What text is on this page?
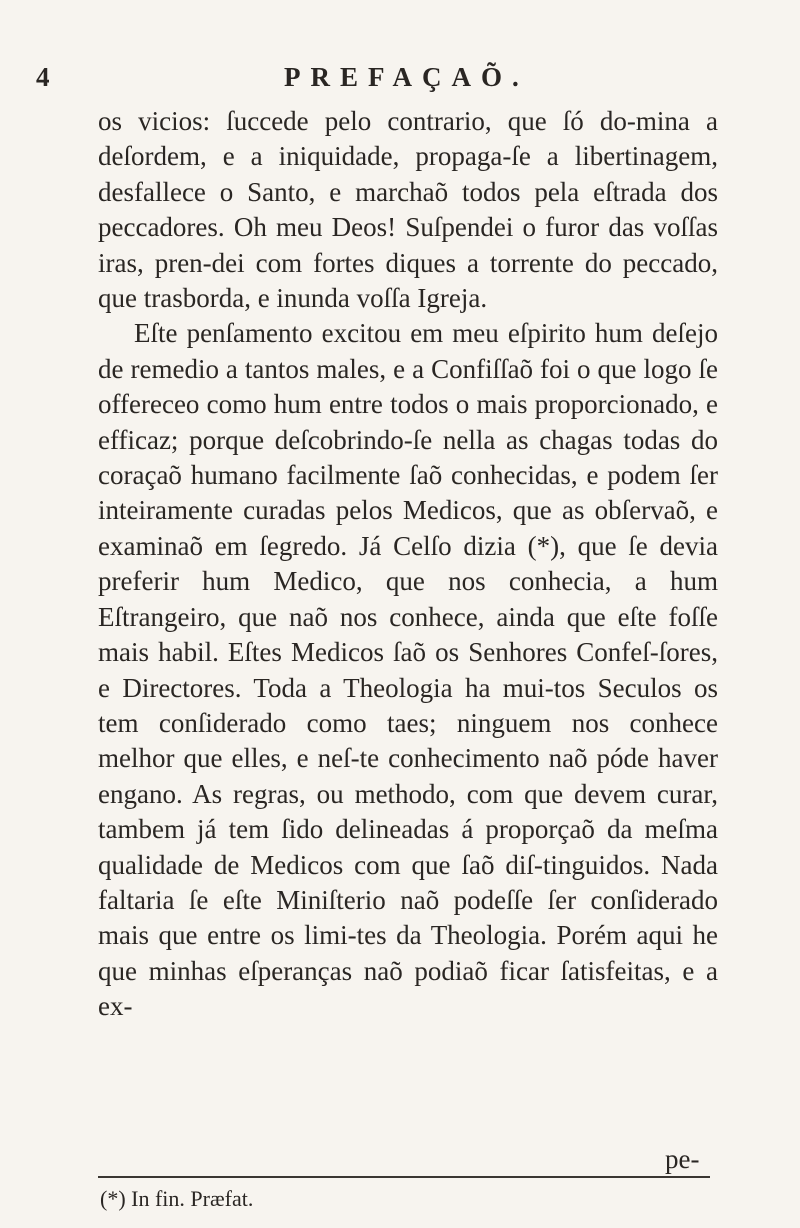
4	PREFAÇAÕ.

os vicios: ſuccede pelo contrario, que ſó do-mina a deſordem, e a iniquidade, propaga-ſe a libertinagem, desfallece o Santo, e marchaõ todos pela eſtrada dos peccadores. Oh meu Deos! Suſpendei o furor das voſſas iras, pren-dei com fortes diques a torrente do peccado, que trasborda, e inunda voſſa Igreja.

Eſte penſamento excitou em meu eſpirito hum deſejo de remedio a tantos males, e a Confiſſaõ foi o que logo ſe offereceo como hum entre todos o mais proporcionado, e efficaz; porque deſcobrindo-ſe nella as chagas todas do coraçaõ humano facilmente ſaõ conhecidas, e podem ſer inteiramente curadas pelos Medicos, que as obſervaõ, e examinaõ em ſegredo. Já Celſo dizia (*), que ſe devia preferir hum Medico, que nos conhecia, a hum Eſtrangeiro, que naõ nos conhece, ainda que eſte foſſe mais habil. Eſtes Medicos ſaõ os Senhores Confeſ-ſores, e Directores. Toda a Theologia ha mui-tos Seculos os tem conſiderado como taes; ninguem nos conhece melhor que elles, e neſ-te conhecimento naõ póde haver engano. As regras, ou methodo, com que devem curar, tambem já tem ſido delineadas á proporçaõ da meſma qualidade de Medicos com que ſaõ diſ-tinguidos. Nada faltaria ſe eſte Miniſterio naõ podeſſe ſer conſiderado mais que entre os limi-tes da Theologia. Porém aqui he que minhas eſperanças naõ podiaõ ficar ſatisfeitas, e a ex-

pe-
(*) In fin. Præfat.
